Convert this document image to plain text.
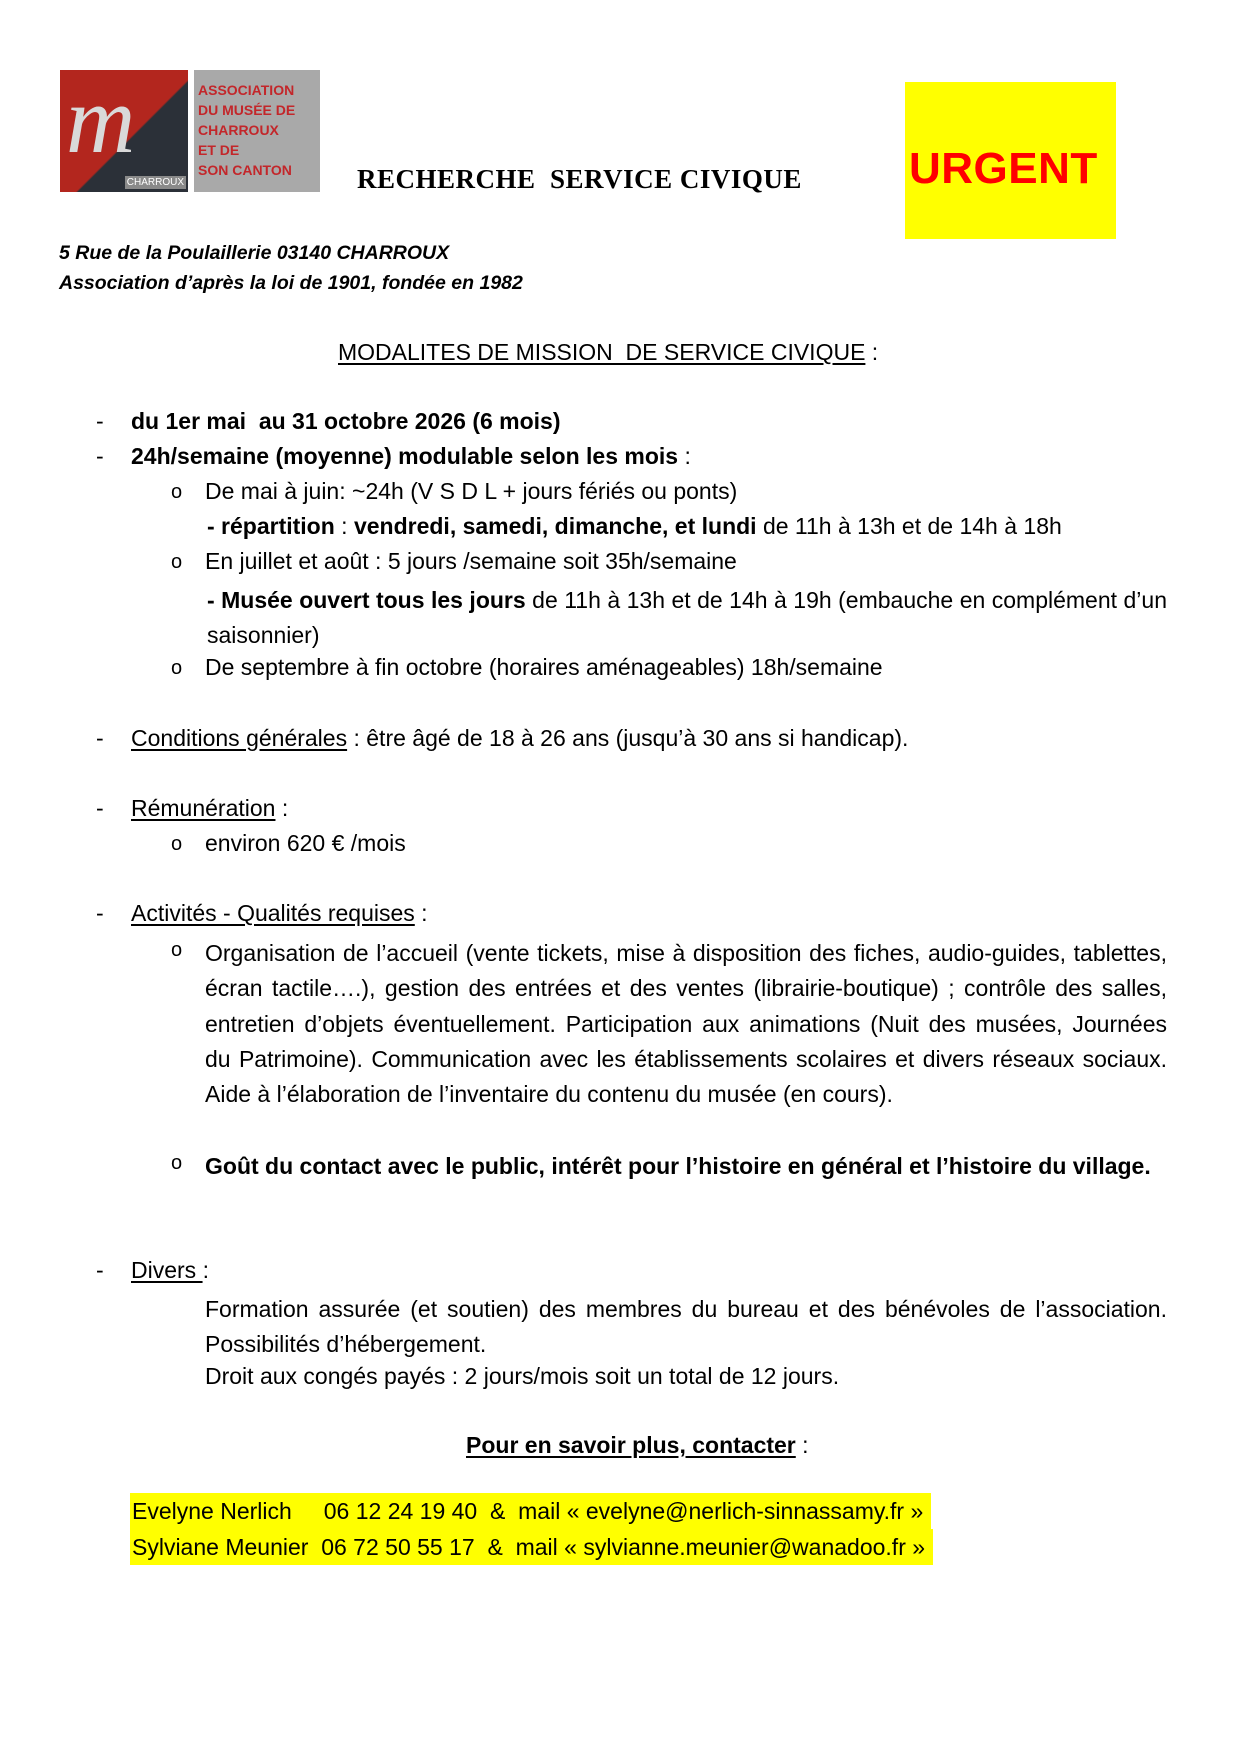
m
CHARROUX
ASSOCIATION
DU MUSÉE DE
CHARROUX
ET DE
SON CANTON	RECHERCHE  SERVICE CIVIQUE URGENT
5 Rue de la Poulaillerie 03140 CHARROUX
Association d’après la loi de 1901, fondée en 1982
MODALITES DE MISSION  DE SERVICE CIVIQUE :
- du 1er mai  au 31 octobre 2026 (6 mois)
- 24h/semaine (moyenne) modulable selon les mois :
o De mai à juin: ~24h (V S D L + jours fériés ou ponts)
- répartition : vendredi, samedi, dimanche, et lundi de 11h à 13h et de 14h à 18h
o En juillet et août : 5 jours /semaine soit 35h/semaine
- Musée ouvert tous les jours de 11h à 13h et de 14h à 19h (embauche en complément d’un saisonnier)
o De septembre à fin octobre (horaires aménageables) 18h/semaine
- Conditions générales : être âgé de 18 à 26 ans (jusqu’à 30 ans si handicap).
- Rémunération :
o environ 620 € /mois
- Activités - Qualités requises :
o Organisation de l’accueil (vente tickets, mise à disposition des fiches, audio-guides, tablettes, écran tactile….), gestion des entrées et des ventes (librairie-boutique) ; contrôle des salles, entretien d’objets éventuellement. Participation aux animations (Nuit des musées, Journées du Patrimoine). Communication avec les établissements scolaires et divers réseaux sociaux. Aide à l’élaboration de l’inventaire du contenu du musée (en cours).
o Goût du contact avec le public, intérêt pour l’histoire en général et l’histoire du village.
- Divers :
Formation assurée (et soutien) des membres du bureau et des bénévoles de l’association. Possibilités d’hébergement.
Droit aux congés payés : 2 jours/mois soit un total de 12 jours.
Pour en savoir plus, contacter :
Evelyne Nerlich     06 12 24 19 40  &  mail « evelyne@nerlich-sinnassamy.fr »
Sylviane Meunier  06 72 50 55 17  &  mail « sylvianne.meunier@wanadoo.fr »
